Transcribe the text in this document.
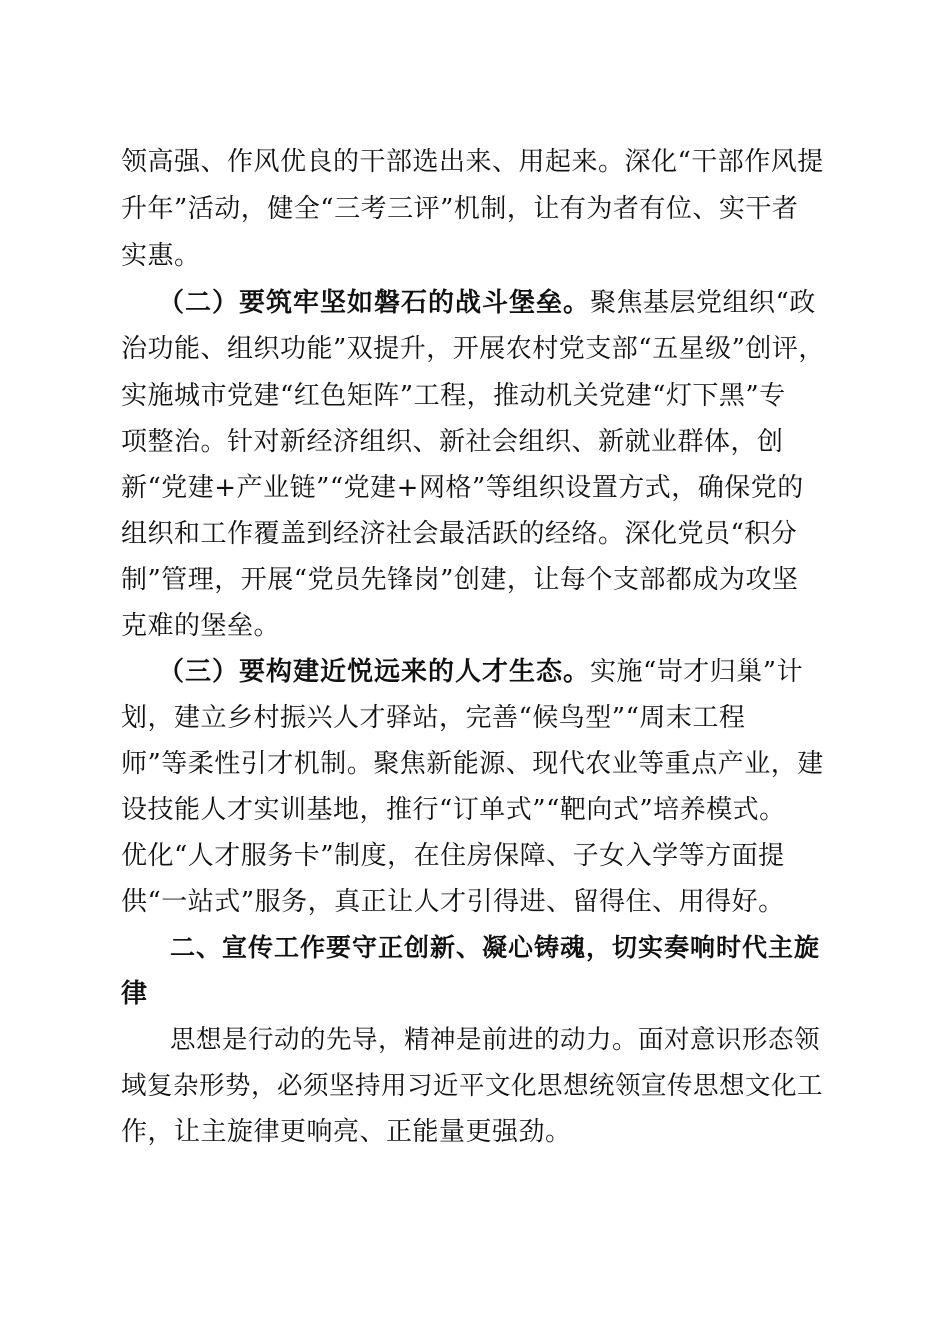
领高强、作风优良的干部选出来、用起来。深化“干部作风提
升年”活动，健全“三考三评”机制，让有为者有位、实干者
实惠。
（二）要筑牢坚如磐石的战斗堡垒。聚焦基层党组织“政
治功能、组织功能”双提升，开展农村党支部“五星级”创评，
实施城市党建“红色矩阵”工程，推动机关党建“灯下黑”专
项整治。针对新经济组织、新社会组织、新就业群体，创
新“党建+产业链”“党建+网格”等组织设置方式，确保党的
组织和工作覆盖到经济社会最活跃的经络。深化党员“积分
制”管理，开展“党员先锋岗”创建，让每个支部都成为攻坚
克难的堡垒。
（三）要构建近悦远来的人才生态。实施“岢才归巢”计
划，建立乡村振兴人才驿站，完善“候鸟型”“周末工程
师”等柔性引才机制。聚焦新能源、现代农业等重点产业，建
设技能人才实训基地，推行“订单式”“靶向式”培养模式。
优化“人才服务卡”制度，在住房保障、子女入学等方面提
供“一站式”服务，真正让人才引得进、留得住、用得好。
二、宣传工作要守正创新、凝心铸魂，切实奏响时代主旋
律
思想是行动的先导，精神是前进的动力。面对意识形态领
域复杂形势，必须坚持用习近平文化思想统领宣传思想文化工
作，让主旋律更响亮、正能量更强劲。
